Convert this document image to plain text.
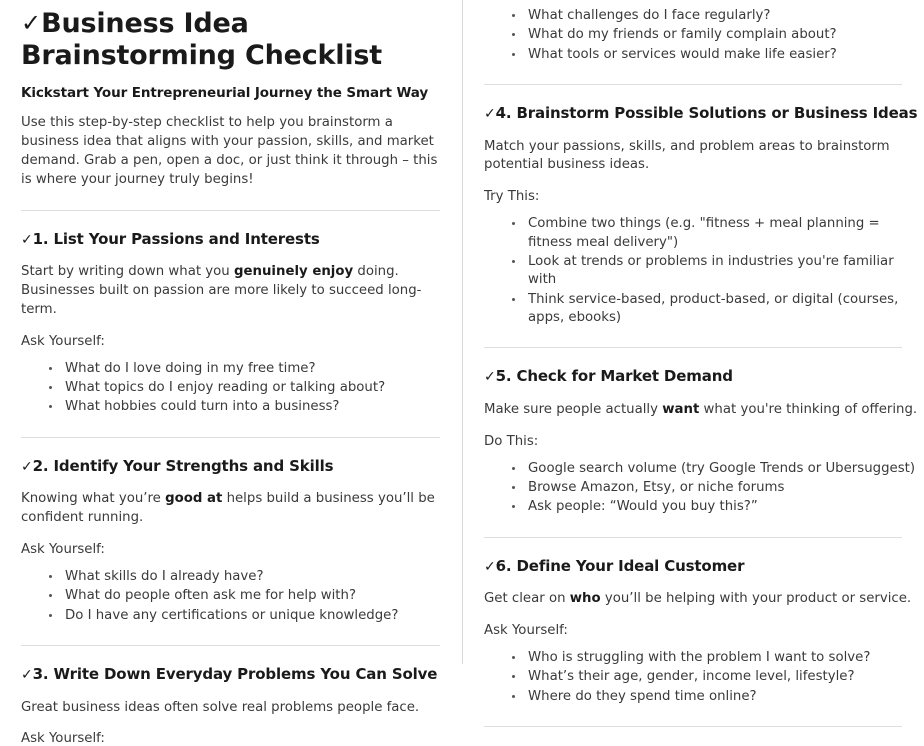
✓Business Idea Brainstorming Checklist
Kickstart Your Entrepreneurial Journey the Smart Way

Use this step-by-step checklist to help you brainstorm a business idea that aligns with your passion, skills, and market demand. Grab a pen, open a doc, or just think it through – this is where your journey truly begins!

✓1. List Your Passions and Interests

Start by writing down what you genuinely enjoy doing. Businesses built on passion are more likely to succeed long-term.

Ask Yourself:

What do I love doing in my free time?
What topics do I enjoy reading or talking about?
What hobbies could turn into a business?
✓2. Identify Your Strengths and Skills

Knowing what you’re good at helps build a business you’ll be confident running.

Ask Yourself:

What skills do I already have?
What do people often ask me for help with?
Do I have any certifications or unique knowledge?
✓3. Write Down Everyday Problems You Can Solve

Great business ideas often solve real problems people face.

Ask Yourself:

What challenges do I face regularly?
What do my friends or family complain about?
What tools or services would make life easier?
✓4. Brainstorm Possible Solutions or Business Ideas

Match your passions, skills, and problem areas to brainstorm potential business ideas.

Try This:

Combine two things (e.g. "fitness + meal planning = fitness meal delivery")
Look at trends or problems in industries you're familiar with
Think service-based, product-based, or digital (courses, apps, ebooks)
✓5. Check for Market Demand

Make sure people actually want what you're thinking of offering.

Do This:

Google search volume (try Google Trends or Ubersuggest)
Browse Amazon, Etsy, or niche forums
Ask people: “Would you buy this?”
✓6. Define Your Ideal Customer

Get clear on who you’ll be helping with your product or service.

Ask Yourself:

Who is struggling with the problem I want to solve?
What’s their age, gender, income level, lifestyle?
Where do they spend time online?
